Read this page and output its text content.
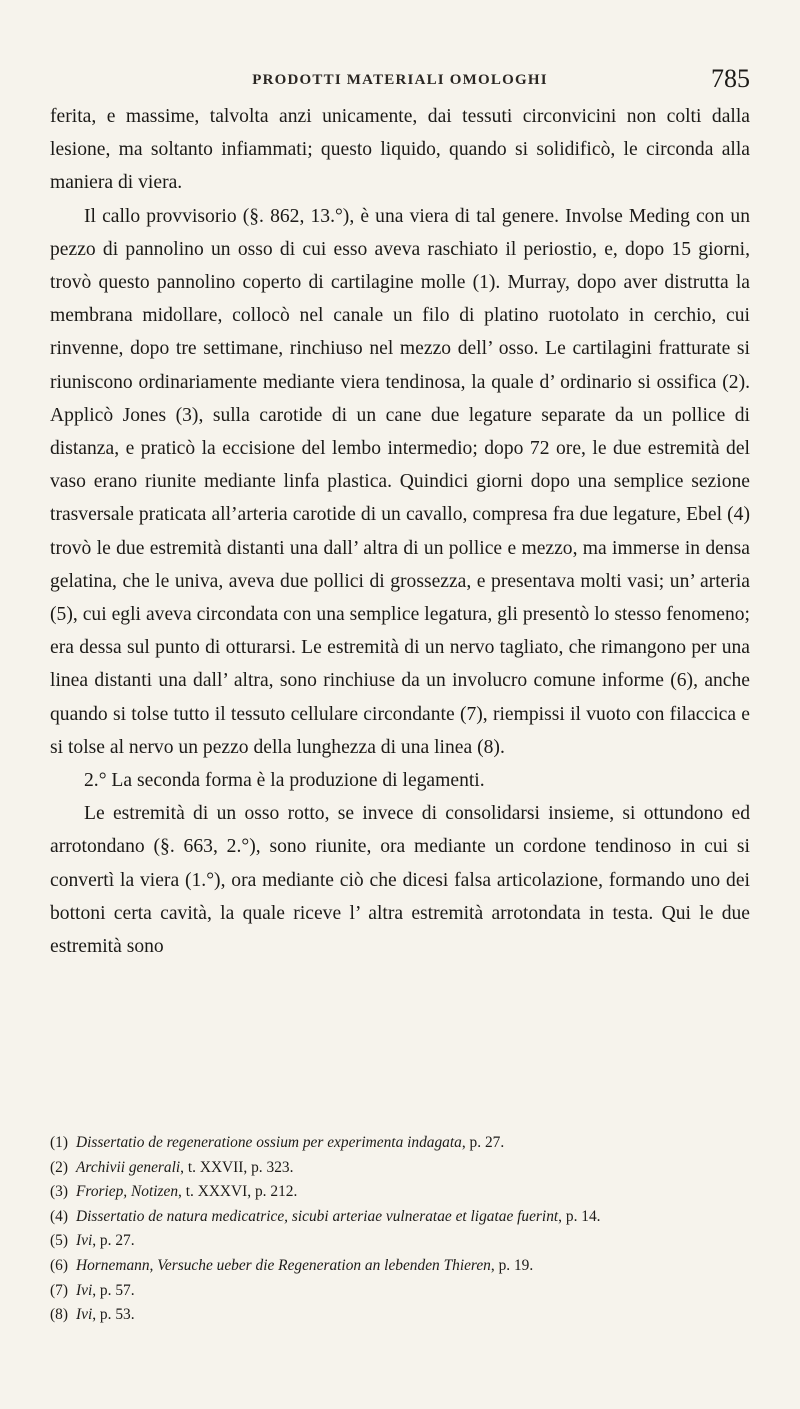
PRODOTTI MATERIALI OMOLOGHI	785

ferita, e massime, talvolta anzi unicamente, dai tessuti circonvicini non colti dalla lesione, ma soltanto infiammati; questo liquido, quando si solidificò, le circonda alla maniera di viera.

Il callo provvisorio (§. 862, 13.°), è una viera di tal genere. Involse Meding con un pezzo di pannolino un osso di cui esso aveva raschiato il periostio, e, dopo 15 giorni, trovò questo pannolino coperto di cartilagine molle (1). Murray, dopo aver distrutta la membrana midollare, collocò nel canale un filo di platino ruotolato in cerchio, cui rinvenne, dopo tre settimane, rinchiuso nel mezzo dell’ osso. Le cartilagini fratturate si riuniscono ordinariamente mediante viera tendinosa, la quale d’ ordinario si ossifica (2). Applicò Jones (3), sulla carotide di un cane due legature separate da un pollice di distanza, e praticò la eccisione del lembo intermedio; dopo 72 ore, le due estremità del vaso erano riunite mediante linfa plastica. Quindici giorni dopo una semplice sezione trasversale praticata all’arteria carotide di un cavallo, compresa fra due legature, Ebel (4) trovò le due estremità distanti una dall’ altra di un pollice e mezzo, ma immerse in densa gelatina, che le univa, aveva due pollici di grossezza, e presentava molti vasi; un’ arteria (5), cui egli aveva circondata con una semplice legatura, gli presentò lo stesso fenomeno; era dessa sul punto di otturarsi. Le estremità di un nervo tagliato, che rimangono per una linea distanti una dall’ altra, sono rinchiuse da un involucro comune informe (6), anche quando si tolse tutto il tessuto cellulare circondante (7), riempissi il vuoto con filaccica e si tolse al nervo un pezzo della lunghezza di una linea (8).

2.° La seconda forma è la produzione di legamenti.

Le estremità di un osso rotto, se invece di consolidarsi insieme, si ottundono ed arrotondano (§. 663, 2.°), sono riunite, ora mediante un cordone tendinoso in cui si convertì la viera (1.°), ora mediante ciò che dicesi falsa articolazione, formando uno dei bottoni certa cavità, la quale riceve l’ altra estremità arrotondata in testa. Qui le due estremità sono

(1) Dissertatio de regeneratione ossium per experimenta indagata, p. 27.

(2) Archivii generali, t. XXVII, p. 323.

(3) Froriep, Notizen, t. XXXVI, p. 212.

(4) Dissertatio de natura medicatrice, sicubi arteriae vulneratae et ligatae fuerint, p. 14.

(5) Ivi, p. 27.

(6) Hornemann, Versuche ueber die Regeneration an lebenden Thieren, p. 19.

(7) Ivi, p. 57.

(8) Ivi, p. 53.
